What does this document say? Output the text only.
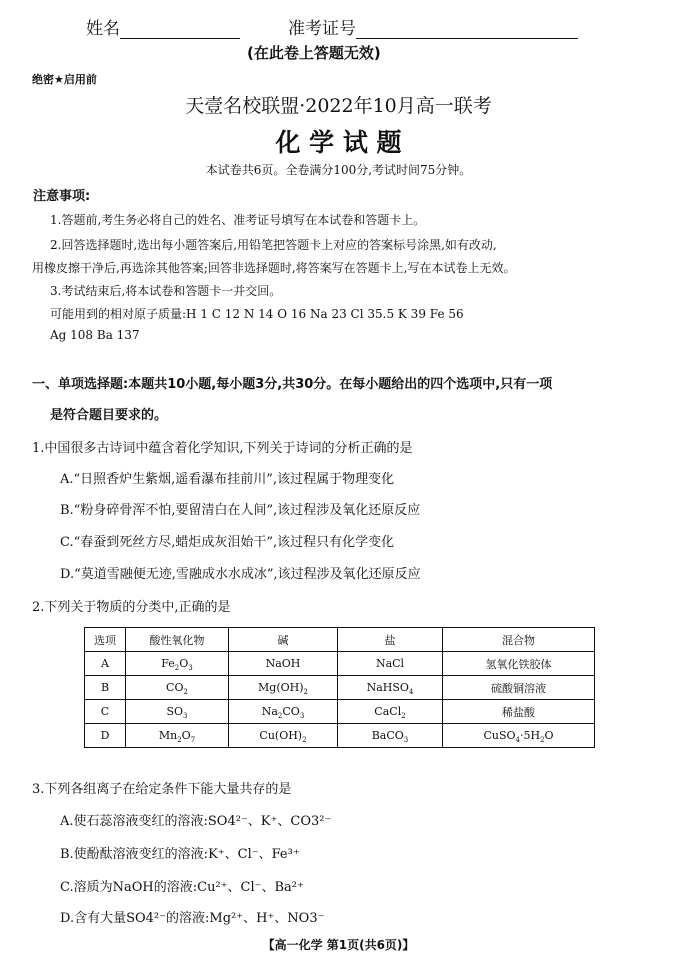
姓名	准考证号
(在此卷上答题无效)
绝密★启用前
天壹名校联盟·2022年10月高一联考
化 学 试 题
本试卷共6页。全卷满分100分,考试时间75分钟。
注意事项:
1.答题前,考生务必将自己的姓名、准考证号填写在本试卷和答题卡上。
2.回答选择题时,选出每小题答案后,用铅笔把答题卡上对应的答案标号涂黑,如有改动,
用橡皮擦干净后,再选涂其他答案;回答非选择题时,将答案写在答题卡上,写在本试卷上无效。
3.考试结束后,将本试卷和答题卡一并交回。
可能用到的相对原子质量:H 1 C 12 N 14 O 16 Na 23 Cl 35.5 K 39 Fe 56
Ag 108 Ba 137
一、单项选择题:本题共10小题,每小题3分,共30分。在每小题给出的四个选项中,只有一项
是符合题目要求的。
1.中国很多古诗词中蕴含着化学知识,下列关于诗词的分析正确的是
A.“日照香炉生紫烟,遥看瀑布挂前川”,该过程属于物理变化
B.“粉身碎骨浑不怕,要留清白在人间”,该过程涉及氧化还原反应
C.“春蚕到死丝方尽,蜡炬成灰泪始干”,该过程只有化学变化
D.“莫道雪融便无迹,雪融成水水成冰”,该过程涉及氧化还原反应
2.下列关于物质的分类中,正确的是
选项	酸性氧化物	碱	盐	混合物
A	$Fe_2O_3$	NaOH	NaCl	氢氧化铁胶体
B	$CO_2$	$Mg(OH)_2$	NaHSO$_4$	硫酸铜溶液
C	$SO_3$	$Na_2CO_3$	CaCl$_2$	稀盐酸
D	$Mn_2O_7$	$Cu(OH)_2$	BaCO$_3$	$CuSO_4\cdot 5H_2O$
3.下列各组离子在给定条件下能大量共存的是
A.使石蕊溶液变红的溶液:SO4²⁻、K⁺、CO3²⁻
B.使酚酞溶液变红的溶液:K⁺、Cl⁻、Fe³⁺
C.溶质为NaOH的溶液:Cu²⁺、Cl⁻、Ba²⁺
D.含有大量SO4²⁻的溶液:Mg²⁺、H⁺、NO3⁻
【高一化学 第1页(共6页)】
